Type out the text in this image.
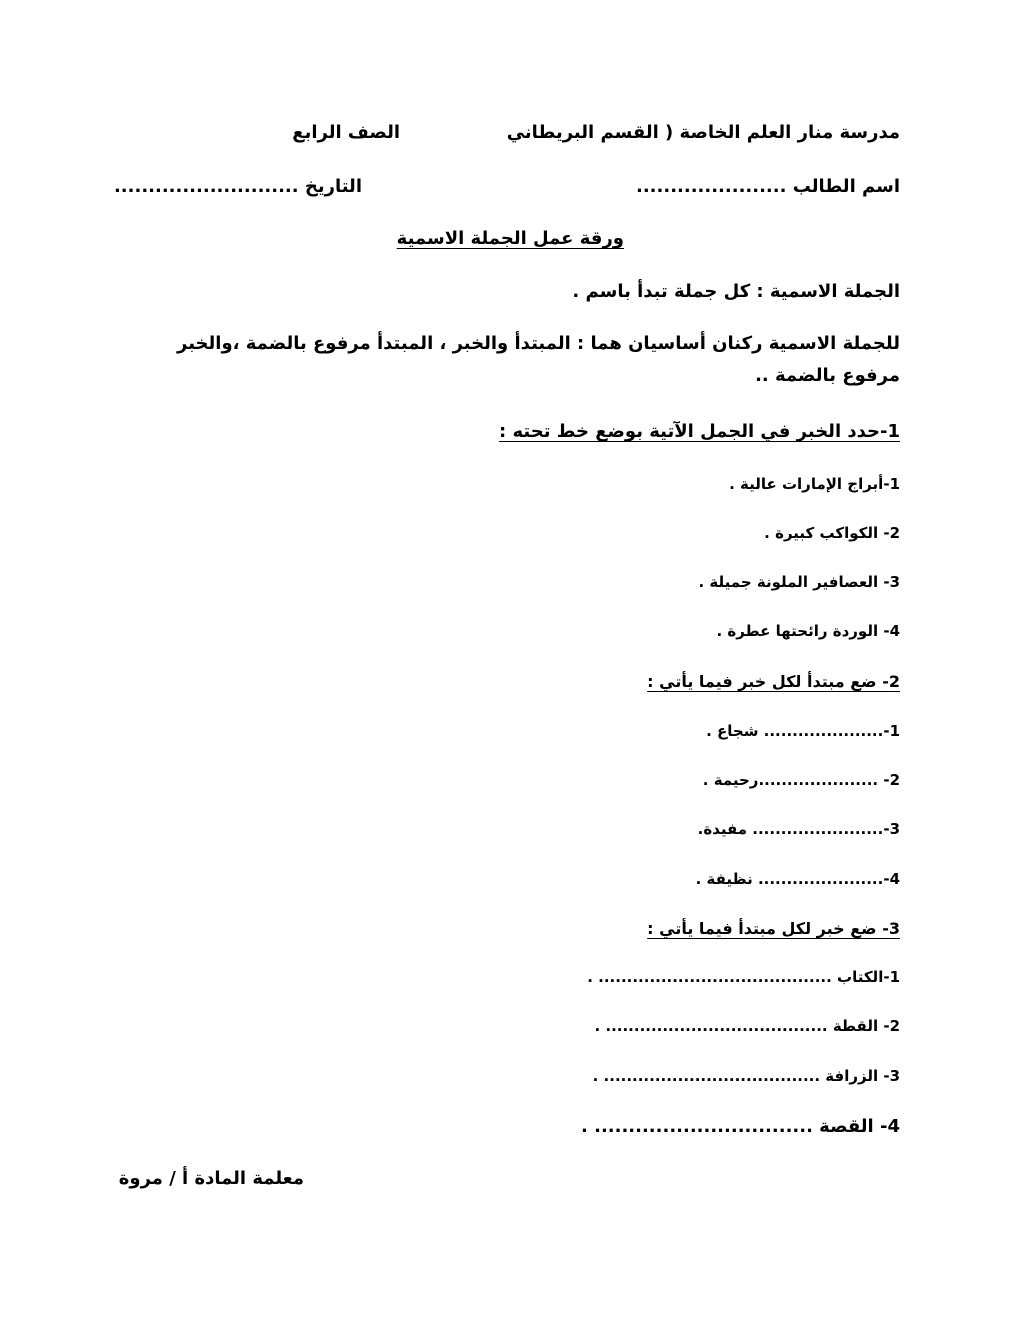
مدرسة منار العلم الخاصة ( القسم البريطاني
الصف الرابع
اسم الطالب ......................
التاريخ ...........................
ورقة عمل الجملة الاسمية
الجملة الاسمية : كل جملة تبدأ باسم .
للجملة الاسمية ركنان أساسيان هما : المبتدأ والخبر ، المبتدأ مرفوع بالضمة ،والخبر مرفوع بالضمة ..
1-حدد الخبر في الجمل الآتية بوضع خط تحته :
1-أبراج الإمارات عالية .
2- الكواكب كبيرة .
3- العصافير الملونة جميلة .
4- الوردة رائحتها عطرة .
2- ضع مبتدأ لكل خبر فيما يأتي :
1-..................... شجاع .
2- .....................رحيمة .
3-....................... مفيدة.
4-...................... نظيفة .
3- ضع خبر لكل مبتدأ فيما يأتي :
1-الكتاب ......................................... .
2- القطة ....................................... .
3- الزرافة ...................................... .
4- القصة ................................ .
معلمة المادة أ / مروة
